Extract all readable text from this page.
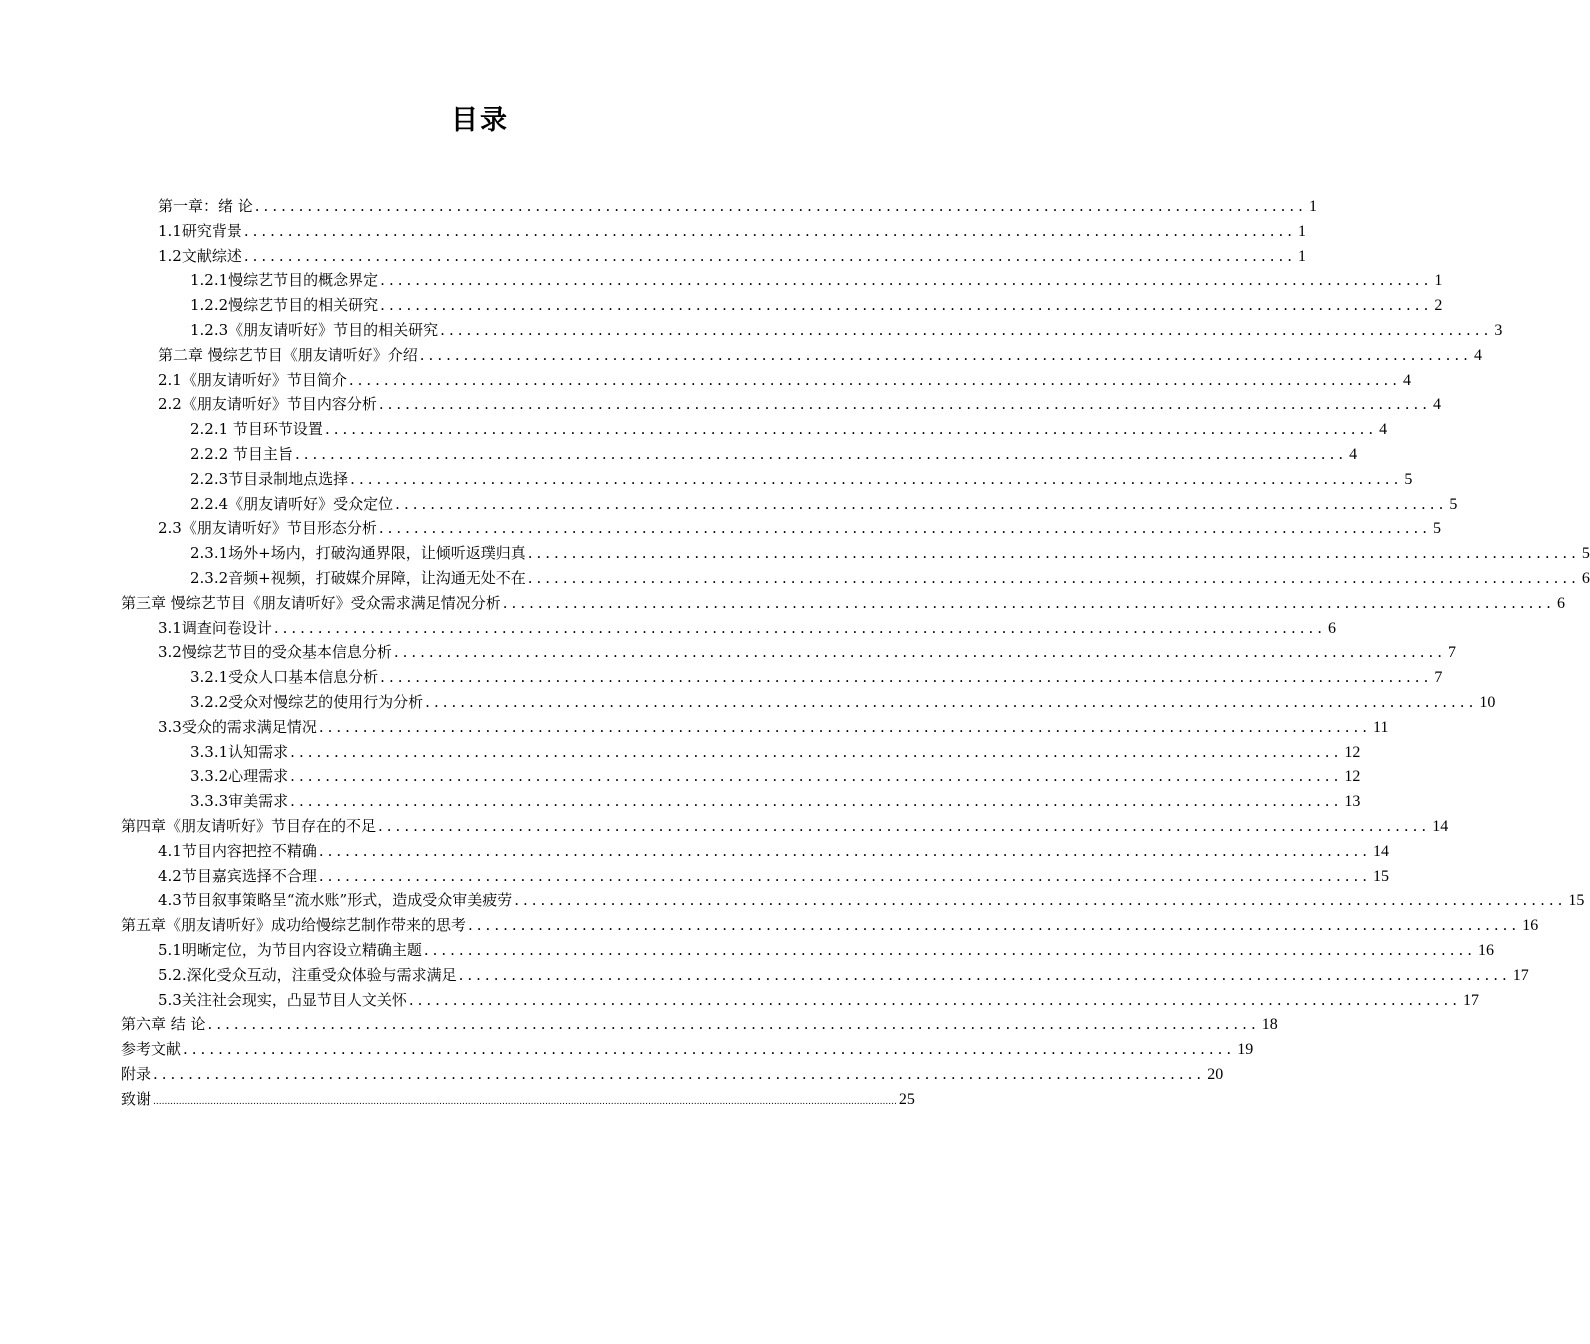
目录
第一章：绪 论 ........................................................................................................................ 1
1.1研究背景 ........................................................................................................................ 1
1.2文献综述 ........................................................................................................................ 1
1.2.1慢综艺节目的概念界定 ........................................................................................................................ 1
1.2.2慢综艺节目的相关研究 ........................................................................................................................ 2
1.2.3《朋友请听好》节目的相关研究 ........................................................................................................................ 3
第二章 慢综艺节目《朋友请听好》介绍 ........................................................................................................................ 4
2.1《朋友请听好》节目简介 ........................................................................................................................ 4
2.2《朋友请听好》节目内容分析 ........................................................................................................................ 4
2.2.1 节目环节设置 ........................................................................................................................ 4
2.2.2 节目主旨 ........................................................................................................................ 4
2.2.3节目录制地点选择 ........................................................................................................................ 5
2.2.4《朋友请听好》受众定位 ........................................................................................................................ 5
2.3《朋友请听好》节目形态分析 ........................................................................................................................ 5
2.3.1场外+场内，打破沟通界限，让倾听返璞归真 ........................................................................................................................ 5
2.3.2音频+视频，打破媒介屏障，让沟通无处不在 ........................................................................................................................ 6
第三章 慢综艺节目《朋友请听好》受众需求满足情况分析 ........................................................................................................................ 6
3.1调查问卷设计 ........................................................................................................................ 6
3.2慢综艺节目的受众基本信息分析 ........................................................................................................................ 7
3.2.1受众人口基本信息分析 ........................................................................................................................ 7
3.2.2受众对慢综艺的使用行为分析 ........................................................................................................................ 10
3.3受众的需求满足情况 ........................................................................................................................ 11
3.3.1认知需求 ........................................................................................................................ 12
3.3.2心理需求 ........................................................................................................................ 12
3.3.3审美需求 ........................................................................................................................ 13
第四章《朋友请听好》节目存在的不足 ........................................................................................................................ 14
4.1节目内容把控不精确 ........................................................................................................................ 14
4.2节目嘉宾选择不合理 ........................................................................................................................ 15
4.3节目叙事策略呈“流水账”形式，造成受众审美疲劳 ........................................................................................................................ 15
第五章《朋友请听好》成功给慢综艺制作带来的思考 ........................................................................................................................ 16
5.1明晰定位，为节目内容设立精确主题 ........................................................................................................................ 16
5.2.深化受众互动，注重受众体验与需求满足 ........................................................................................................................ 17
5.3关注社会现实，凸显节目人文关怀 ........................................................................................................................ 17
第六章 结 论 ........................................................................................................................ 18
参考文献 ........................................................................................................................ 19
附录 ........................................................................................................................ 20
致谢 .................................................................................................................................................................................................................................................................... 25
